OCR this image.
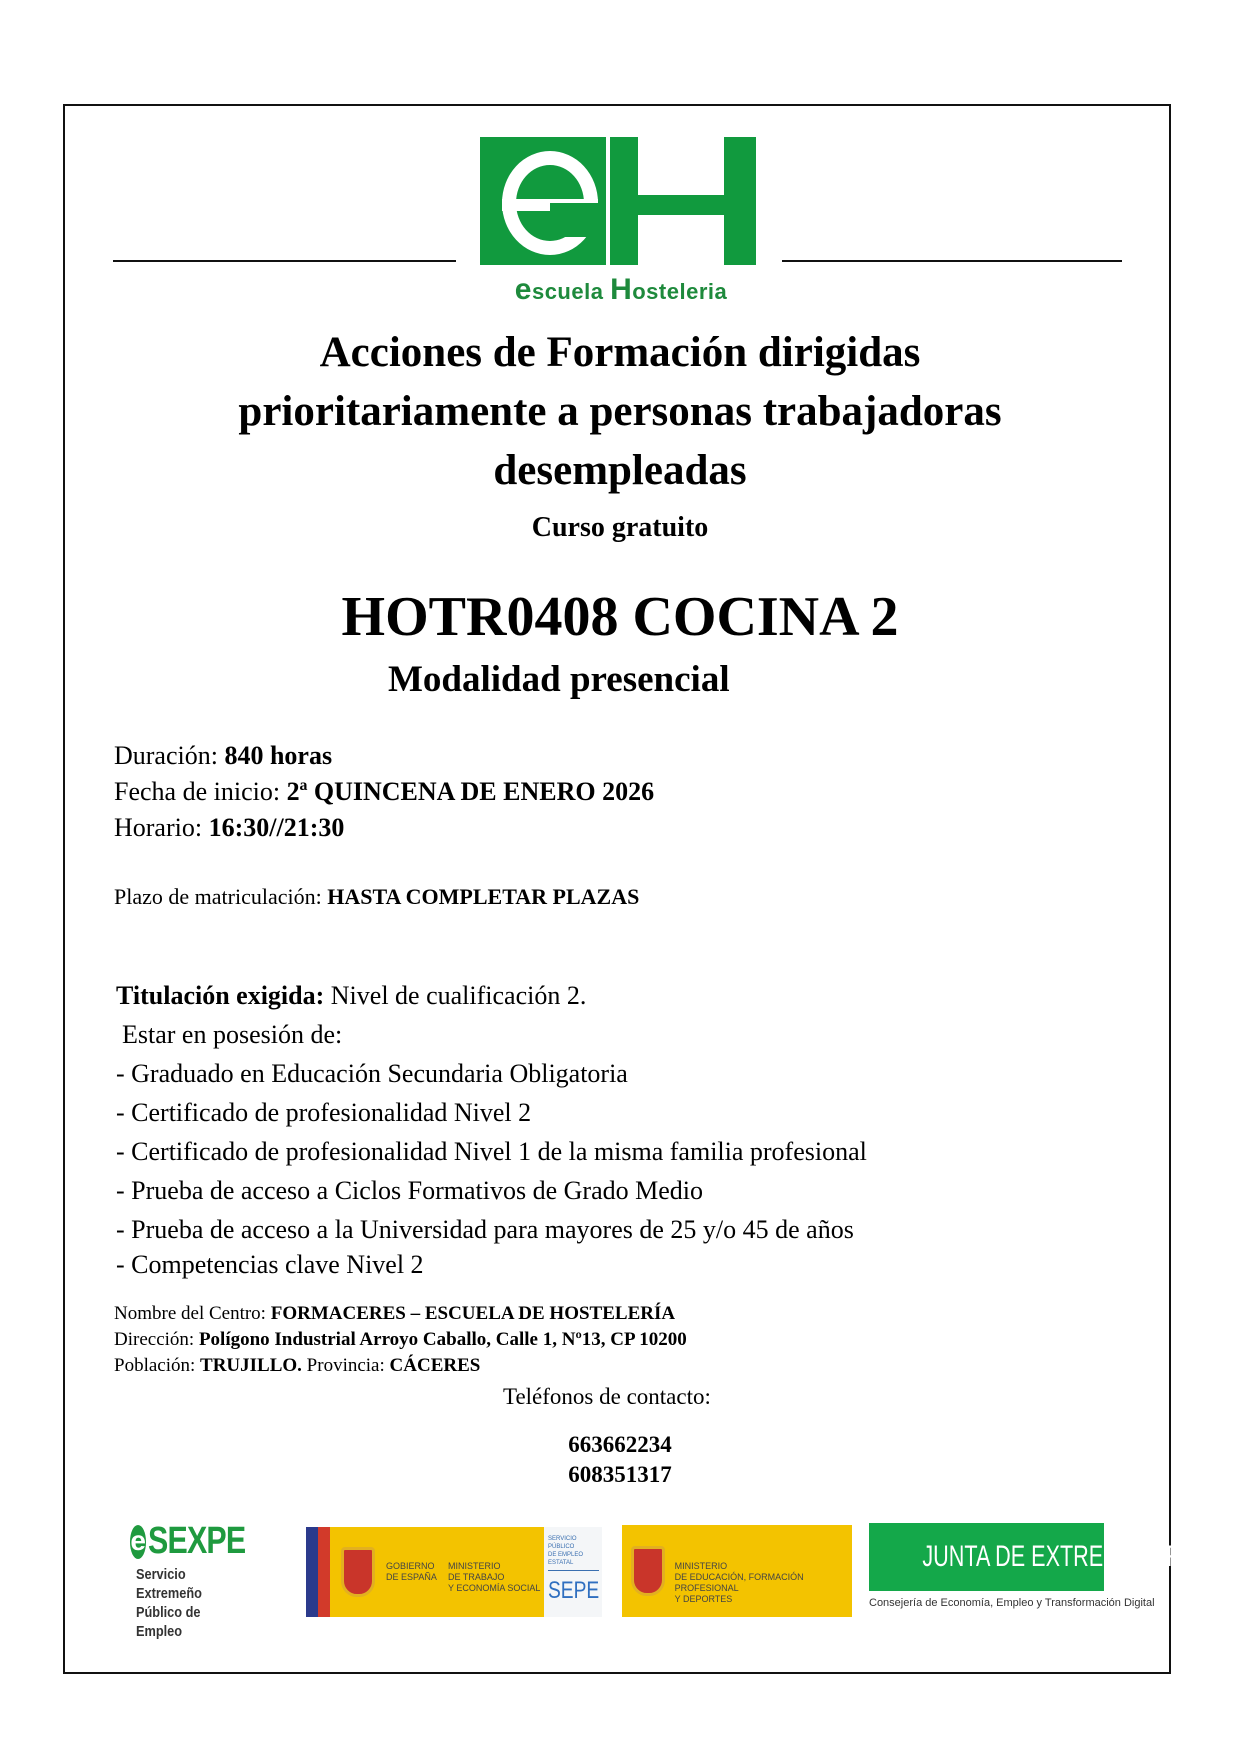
escuela Hosteleria
Acciones de Formación dirigidas
prioritariamente a personas trabajadoras
desempleadas
Curso gratuito
HOTR0408 COCINA 2
Modalidad presencial
Duración: 840 horas
Fecha de inicio: 2ª QUINCENA DE ENERO 2026
Horario: 16:30//21:30
Plazo de matriculación: HASTA COMPLETAR PLAZAS
Titulación exigida: Nivel de cualificación 2.
Estar en posesión de:
- Graduado en Educación Secundaria Obligatoria
- Certificado de profesionalidad Nivel 2
- Certificado de profesionalidad Nivel 1 de la misma familia profesional
- Prueba de acceso a Ciclos Formativos de Grado Medio
- Prueba de acceso a la Universidad para mayores de 25 y/o 45 de años
- Competencias clave Nivel 2
Nombre del Centro: FORMACERES – ESCUELA DE HOSTELERÍA
Dirección: Polígono Industrial Arroyo Caballo, Calle 1, Nº13, CP 10200
Población: TRUJILLO. Provincia: CÁCERES
Teléfonos de contacto:
663662234
608351317
e SEXPE
Servicio Extremeño
Público de Empleo
GOBIERNO
DE ESPAÑA
MINISTERIO
DE TRABAJO
Y ECONOMÍA SOCIAL
SERVICIO PÚBLICO
DE EMPLEO ESTATAL
SEPE
MINISTERIO
DE EDUCACIÓN, FORMACIÓN PROFESIONAL
Y DEPORTES
JUNTA DE EXTREMADURA
Consejería de Economía, Empleo y Transformación Digital
